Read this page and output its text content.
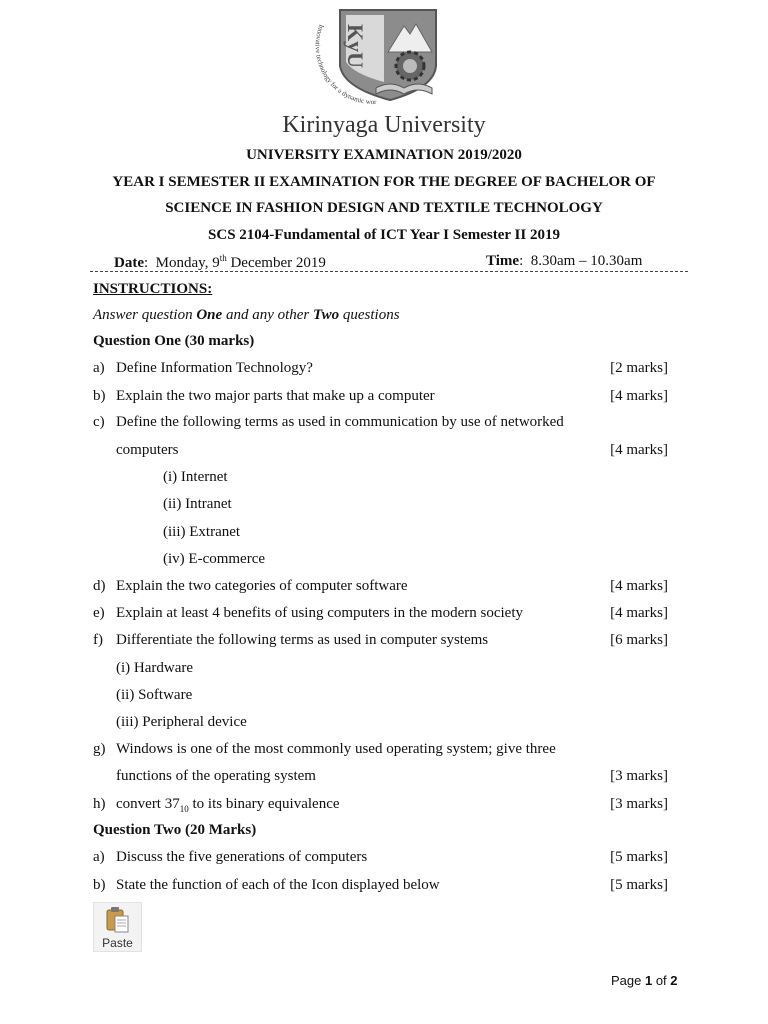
Innovative technology for a dynamic wor
KyU
Kirinyaga University
UNIVERSITY EXAMINATION 2019/2020
YEAR I SEMESTER II EXAMINATION FOR THE DEGREE OF BACHELOR OF
SCIENCE IN FASHION DESIGN AND TEXTILE TECHNOLOGY
SCS 2104-Fundamental of ICT Year I Semester II 2019
Date:  Monday, 9th December 2019	Time:  8.30am – 10.30am
INSTRUCTIONS:
Answer question One and any other Two questions
Question One (30 marks)
a) Define Information Technology?	[2 marks]
b) Explain the two major parts that make up a computer	[4 marks]
c) Define the following terms as used in communication by use of networked
computers	[4 marks]
(i) Internet
(ii) Intranet
(iii) Extranet
(iv) E-commerce
d) Explain the two categories of computer software	[4 marks]
e) Explain at least 4 benefits of using computers in the modern society	[4 marks]
f) Differentiate the following terms as used in computer systems	[6 marks]
(i) Hardware
(ii) Software
(iii) Peripheral device
g) Windows is one of the most commonly used operating system; give three
functions of the operating system	[3 marks]
h) convert $37_{10}$ to its binary equivalence	[3 marks]
Question Two (20 Marks)
a) Discuss the five generations of computers	[5 marks]
b) State the function of each of the Icon displayed below	[5 marks]
Paste
Page 1 of 2
